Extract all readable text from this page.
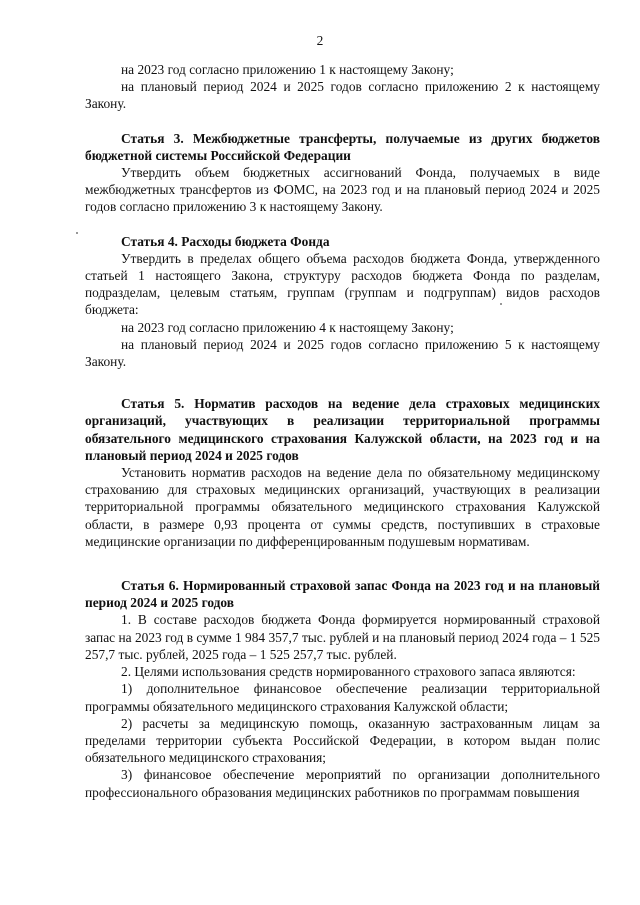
2

на 2023 год согласно приложению 1 к настоящему Закону;

на плановый период 2024 и 2025 годов согласно приложению 2 к настоящему Закону.

Статья 3. Межбюджетные трансферты, получаемые из других бюджетов бюджетной системы Российской Федерации

Утвердить объем бюджетных ассигнований Фонда, получаемых в виде межбюджетных трансфертов из ФОМС, на 2023 год и на плановый период 2024 и 2025 годов согласно приложению 3 к настоящему Закону.

Статья 4. Расходы бюджета Фонда

Утвердить в пределах общего объема расходов бюджета Фонда, утвержденного статьей 1 настоящего Закона, структуру расходов бюджета Фонда по разделам, подразделам, целевым статьям, группам (группам и подгруппам) видов расходов бюджета:

на 2023 год согласно приложению 4 к настоящему Закону;

на плановый период 2024 и 2025 годов согласно приложению 5 к настоящему Закону.

Статья 5. Норматив расходов на ведение дела страховых медицинских организаций, участвующих в реализации территориальной программы обязательного медицинского страхования Калужской области, на 2023 год и на плановый период 2024 и 2025 годов

Установить норматив расходов на ведение дела по обязательному медицинскому страхованию для страховых медицинских организаций, участвующих в реализации территориальной программы обязательного медицинского страхования Калужской области, в размере 0,93 процента от суммы средств, поступивших в страховые медицинские организации по дифференцированным подушевым нормативам.

Статья 6. Нормированный страховой запас Фонда на 2023 год и на плановый период 2024 и 2025 годов

1. В составе расходов бюджета Фонда формируется нормированный страховой запас на 2023 год в сумме 1 984 357,7 тыс. рублей и на плановый период 2024 года – 1 525 257,7 тыс. рублей, 2025 года – 1 525 257,7 тыс. рублей.

2. Целями использования средств нормированного страхового запаса являются:

1) дополнительное финансовое обеспечение реализации территориальной программы обязательного медицинского страхования Калужской области;

2) расчеты за медицинскую помощь, оказанную застрахованным лицам за пределами территории субъекта Российской Федерации, в котором выдан полис обязательного медицинского страхования;

3) финансовое обеспечение мероприятий по организации дополнительного профессионального образования медицинских работников по программам повышения
